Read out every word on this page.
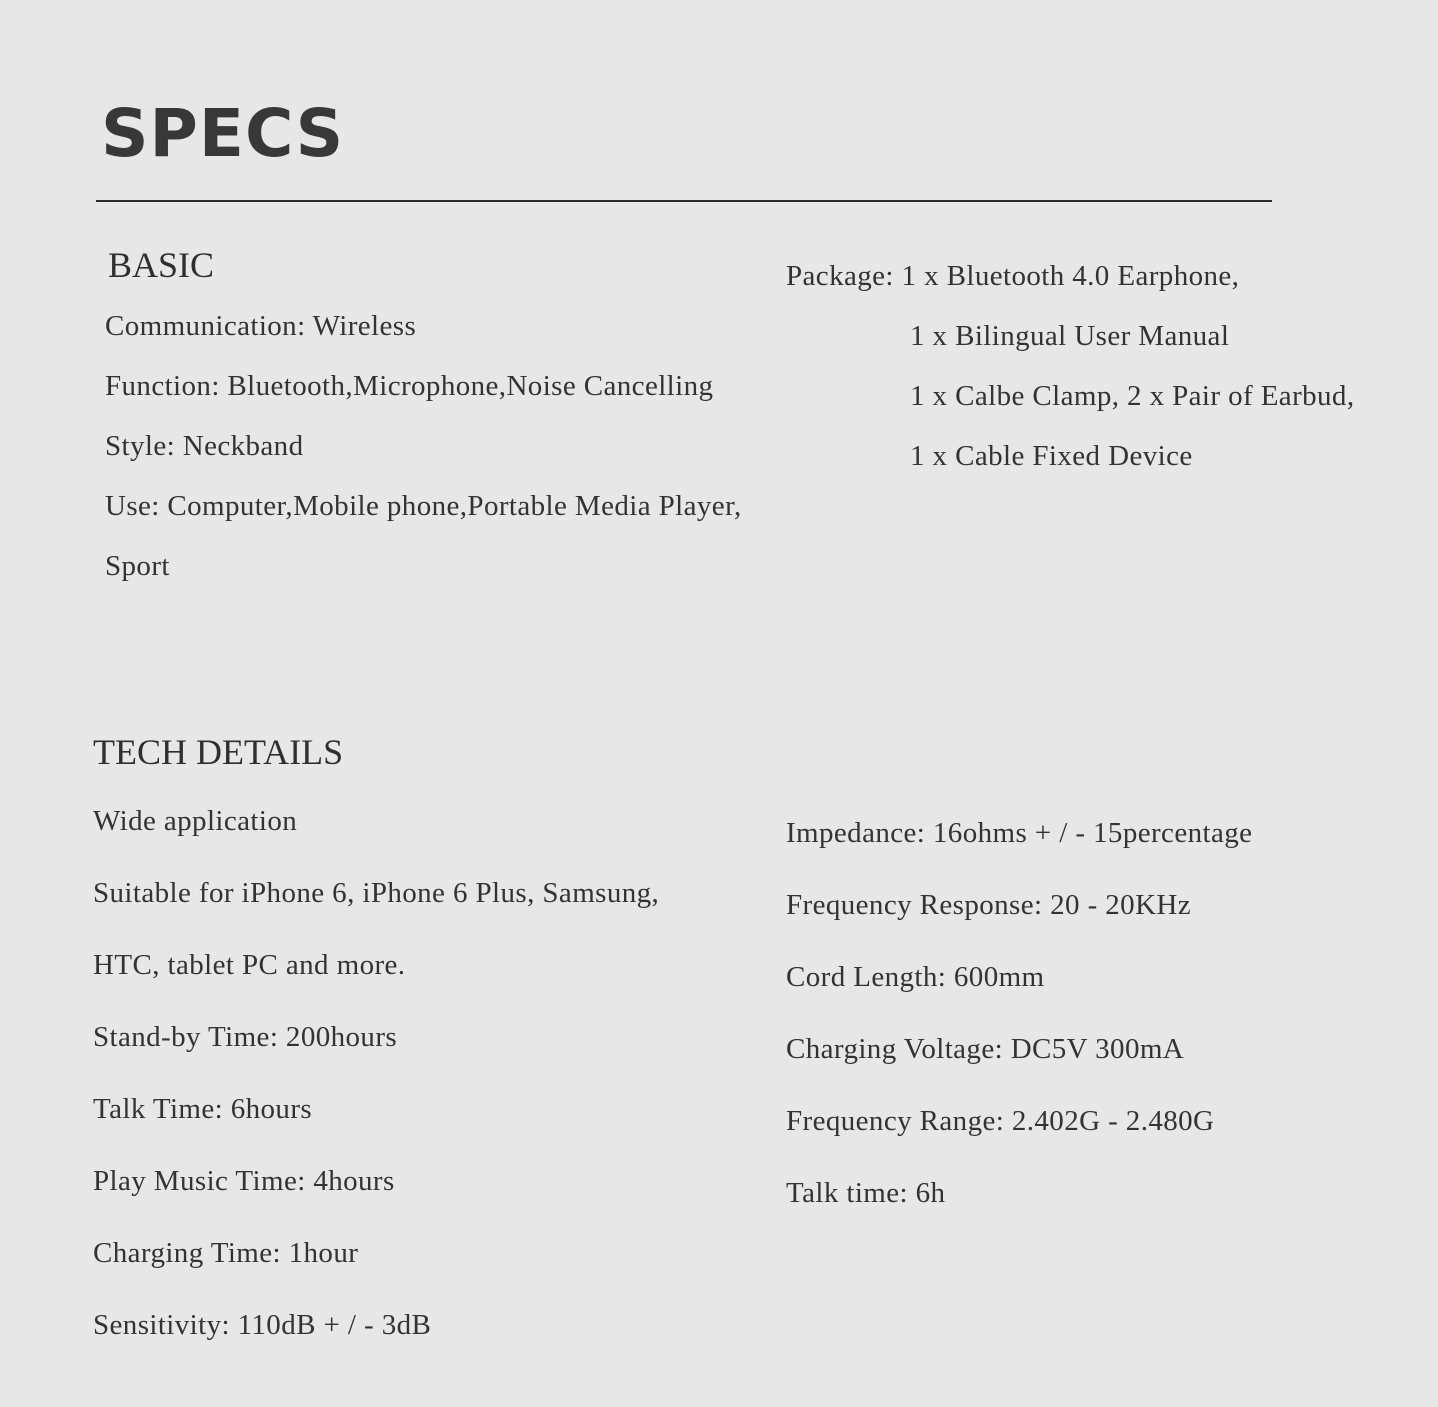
SPECS
BASIC
Communication: Wireless
Function: Bluetooth,Microphone,Noise Cancelling
Style: Neckband
Use: Computer,Mobile phone,Portable Media Player,
Sport
Package: 1 x Bluetooth 4.0 Earphone,
1 x Bilingual User Manual
1 x Calbe Clamp, 2 x Pair of Earbud,
1 x Cable Fixed Device
TECH DETAILS
Wide application
Suitable for iPhone 6, iPhone 6 Plus, Samsung,
HTC, tablet PC and more.
Stand-by Time: 200hours
Talk Time: 6hours
Play Music Time: 4hours
Charging Time: 1hour
Sensitivity: 110dB + / - 3dB
Impedance: 16ohms + / - 15percentage
Frequency Response: 20 - 20KHz
Cord Length: 600mm
Charging Voltage: DC5V 300mA
Frequency Range: 2.402G - 2.480G
Talk time: 6h
